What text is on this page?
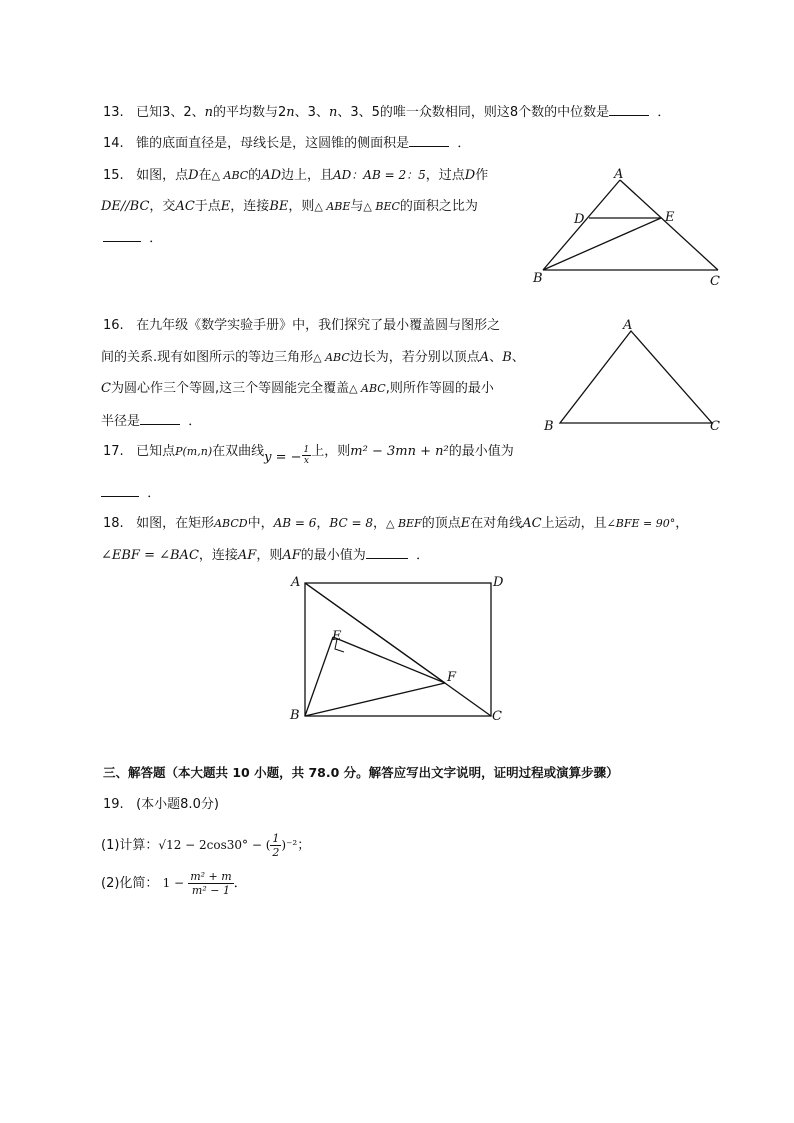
13. 已知3、2、n的平均数与2n、3、n、3、5的唯一众数相同，则这8个数的中位数是	．
14. 锥的底面直径是，母线长是，这圆锥的侧面积是	．
15. 如图，点D在△ ABC的AD边上，且AD：AB = 2：5，过点D作
DE//BC，交AC于点E，连接BE，则△ ABE与△ BEC的面积之比为
．
A
B	C
D	E
16. 在九年级《数学实验手册》中，我们探究了最小覆盖圆与图形之
间的关系.现有如图所示的等边三角形△ ABC边长为，若分别以顶点A、B、
C为圆心作三个等圆,这三个等圆能完全覆盖△ ABC,则所作等圆的最小
半径是	．
A
B	C
17. 已知点P(m,n)在双曲线y = − $\frac{1}{x}$ 上，则m² − 3mn + n²的最小值为
．
18. 如图，在矩形ABCD中，AB = 6，BC = 8，△ BEF的顶点E在对角线AC上运动，且∠BFE = 90°，
∠EBF = ∠BAC，连接AF，则AF的最小值为	．
A	D
B	C
E
F
三、解答题（本大题共 10 小题，共 78.0 分。解答应写出文字说明，证明过程或演算步骤）
19. (本小题8.0分)
(1)计算：√12 − 2cos30° − ( $\frac{1}{2} )^{-2}$；
(2)化简： $1 - \frac{\text{m² + m}}{\text{m² − 1}}$ ．
